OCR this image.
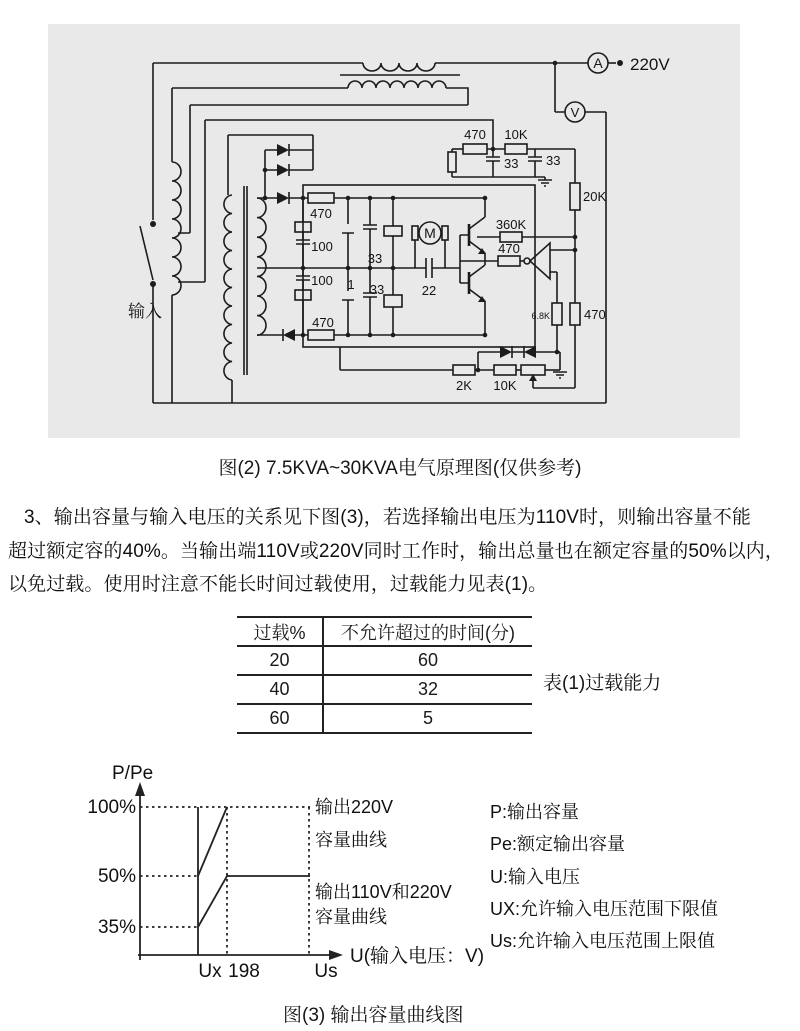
A 220V
V
输入
470 10K
33 33
20K
470
100
100
470
1
33
33	22
M
360K
470
6.8K	470
2K 10K
图(2) 7.5KVA~30KVA电气原理图(仅供参考)
3、输出容量与输入电压的关系见下图(3)，若选择输出电压为110V时，则输出容量不能
超过额定容的40%。当输出端110V或220V同时工作时，输出总量也在额定容量的50%以内，
以免过载。使用时注意不能长时间过载使用，过载能力见表(1)。
过载%	不允许超过的时间(分)
20	60
40	32
60	5
表(1)过载能力
P/Pe
100%
50%
35%
Ux 198	Us
U(输入电压：V)
输出220V
容量曲线
输出110V和220V
容量曲线
P:输出容量
Pe:额定输出容量
U:输入电压
UX:允许输入电压范围下限值
Us:允许输入电压范围上限值
图(3) 输出容量曲线图
